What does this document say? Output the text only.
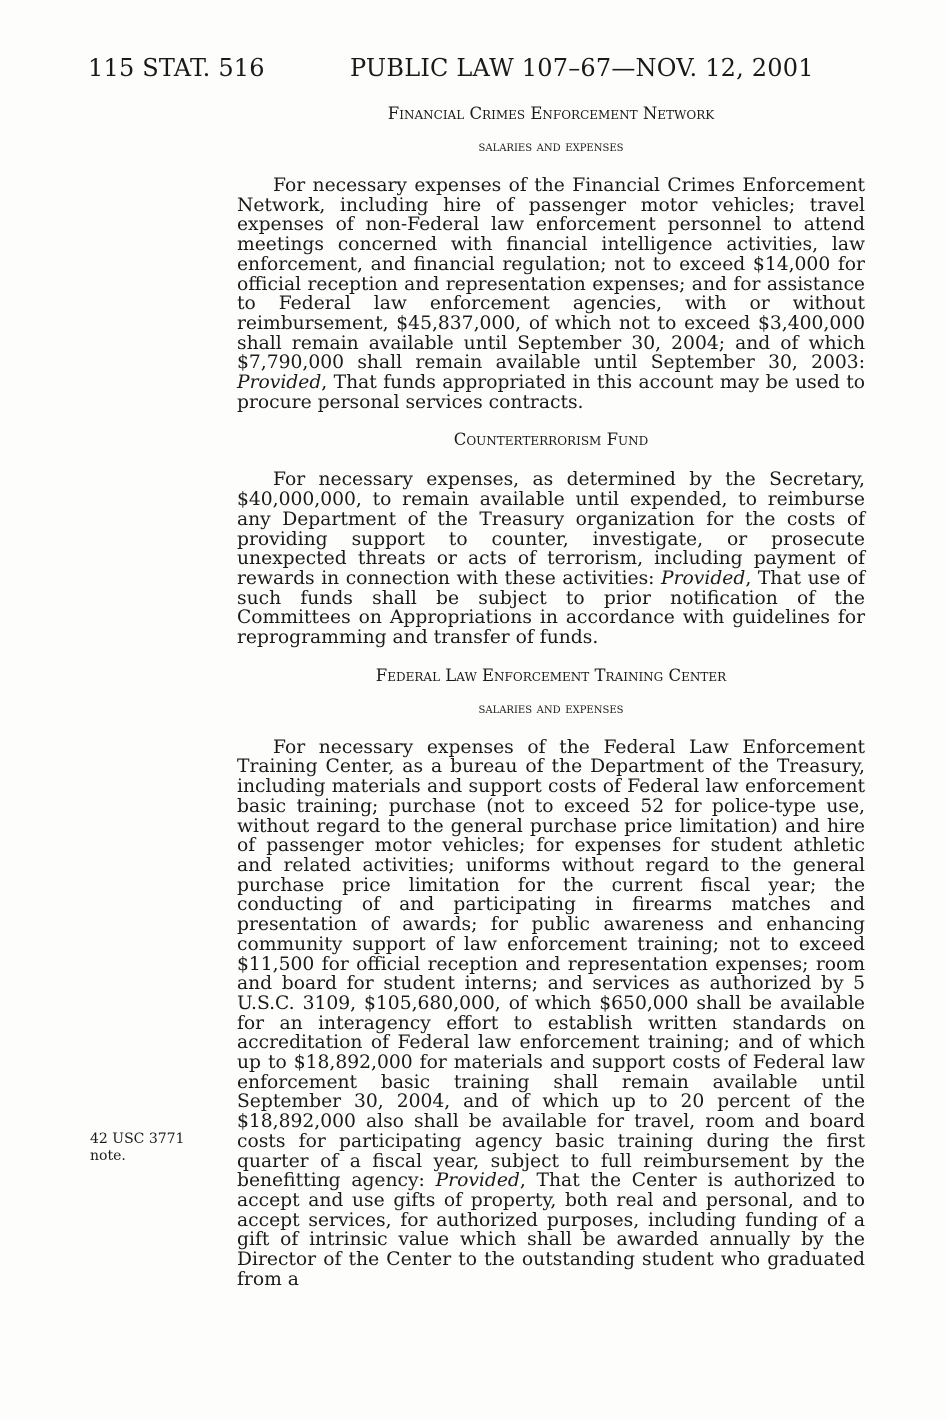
115 STAT. 516	PUBLIC LAW 107–67—NOV. 12, 2001
Financial Crimes Enforcement Network
salaries and expenses

For necessary expenses of the Financial Crimes Enforcement Network, including hire of passenger motor vehicles; travel expenses of non-Federal law enforcement personnel to attend meetings concerned with financial intelligence activities, law enforcement, and financial regulation; not to exceed $14,000 for official reception and representation expenses; and for assistance to Federal law enforcement agencies, with or without reimbursement, $45,837,000, of which not to exceed $3,400,000 shall remain available until September 30, 2004; and of which $7,790,000 shall remain available until September 30, 2003: Provided, That funds appropriated in this account may be used to procure personal services contracts.

Counterterrorism Fund

For necessary expenses, as determined by the Secretary, $40,000,000, to remain available until expended, to reimburse any Department of the Treasury organization for the costs of providing support to counter, investigate, or prosecute unexpected threats or acts of terrorism, including payment of rewards in connection with these activities: Provided, That use of such funds shall be subject to prior notification of the Committees on Appropriations in accordance with guidelines for reprogramming and transfer of funds.

Federal Law Enforcement Training Center
salaries and expenses

For necessary expenses of the Federal Law Enforcement Training Center, as a bureau of the Department of the Treasury, including materials and support costs of Federal law enforcement basic training; purchase (not to exceed 52 for police-type use, without regard to the general purchase price limitation) and hire of passenger motor vehicles; for expenses for student athletic and related activities; uniforms without regard to the general purchase price limitation for the current fiscal year; the conducting of and participating in firearms matches and presentation of awards; for public awareness and enhancing community support of law enforcement training; not to exceed $11,500 for official reception and representation expenses; room and board for student interns; and services as authorized by 5 U.S.C. 3109, $105,680,000, of which $650,000 shall be available for an interagency effort to establish written standards on accreditation of Federal law enforcement training; and of which up to $18,892,000 for materials and support costs of Federal law enforcement basic training shall remain available until September 30, 2004, and of which up to 20 percent of the $18,892,000 also shall be available for travel, room and board costs for participating agency basic training during the first quarter of a fiscal year, subject to full reimbursement by the benefitting agency: Provided, That the Center is authorized to accept and use gifts of property, both real and personal, and to accept services, for authorized purposes, including funding of a gift of intrinsic value which shall be awarded annually by the Director of the Center to the outstanding student who graduated from a

42 USC 3771
note.
